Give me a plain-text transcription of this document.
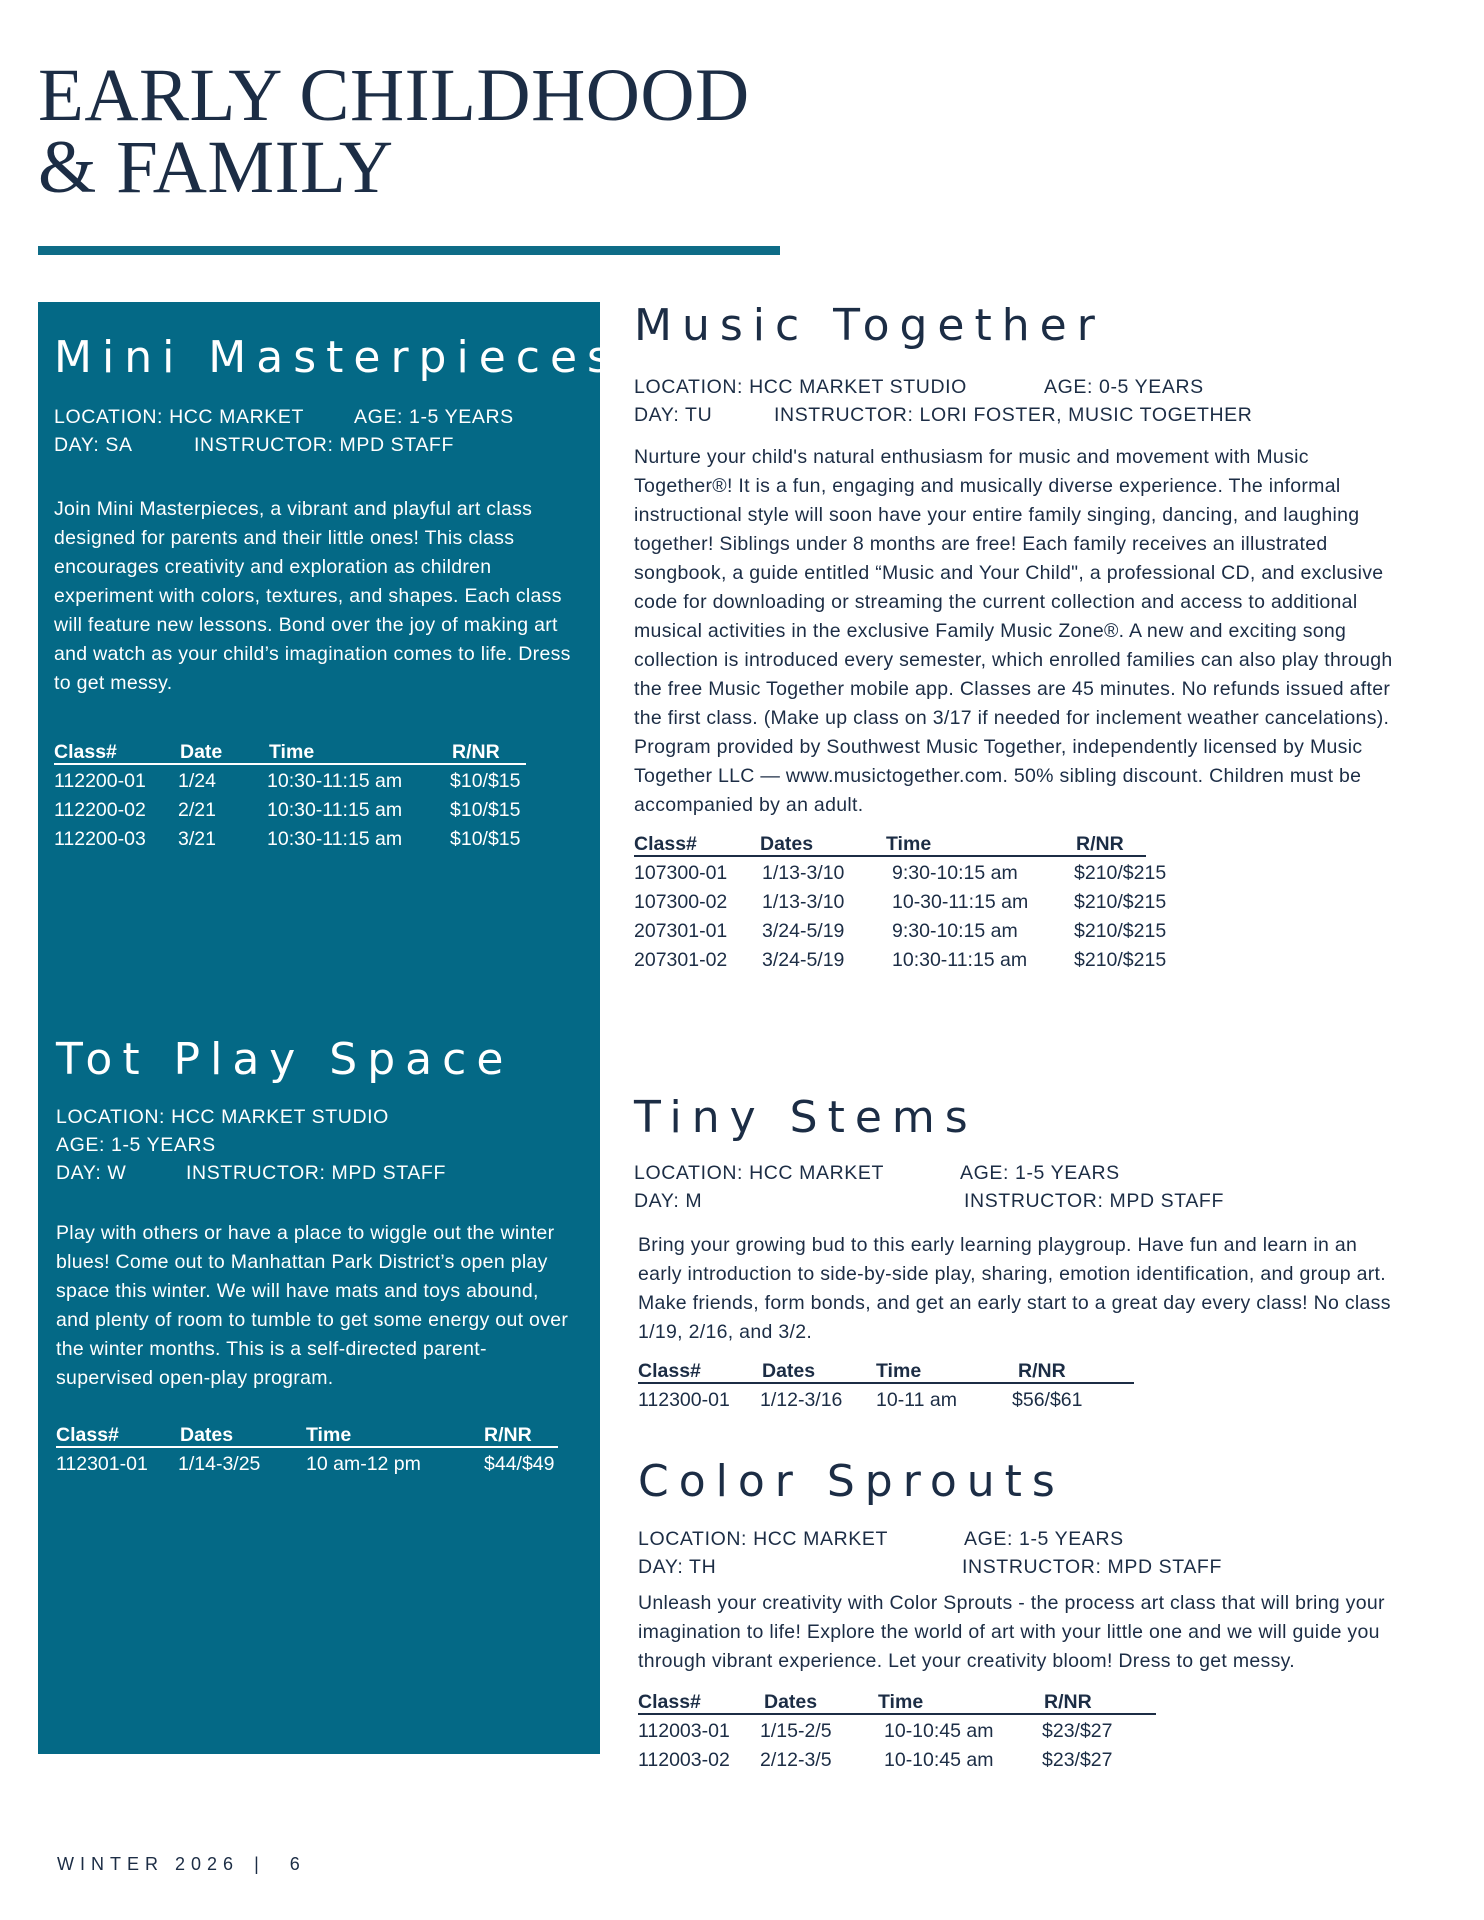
EARLY CHILDHOOD
& FAMILY
Mini Masterpieces
LOCATION: HCC MARKET	AGE: 1-5 YEARS
DAY: SA	INSTRUCTOR: MPD STAFF

Join Mini Masterpieces, a vibrant and playful art class designed for parents and their little ones! This class encourages creativity and exploration as children experiment with colors, textures, and shapes. Each class will feature new lessons. Bond over the joy of making art and watch as your child’s imagination comes to life. Dress to get messy.

Class#	Date Time	R/NR
112200-01 1/24	10:30-11:15 am $10/$15
112200-02 2/21	10:30-11:15 am $10/$15
112200-03 3/21	10:30-11:15 am $10/$15
Tot Play Space
LOCATION: HCC MARKET STUDIO
AGE: 1-5 YEARS
DAY: W	INSTRUCTOR: MPD STAFF

Play with others or have a place to wiggle out the winter blues! Come out to Manhattan Park District’s open play space this winter. We will have mats and toys abound, and plenty of room to tumble to get some energy out over the winter months. This is a self-directed parent-supervised open-play program.

Class#	Dates	Time	R/NR
112301-01 1/14-3/25 10 am-12 pm	$44/$49
Music Together
LOCATION: HCC MARKET STUDIO	AGE: 0-5 YEARS
DAY: TU	INSTRUCTOR: LORI FOSTER, MUSIC TOGETHER

Nurture your child's natural enthusiasm for music and movement with Music Together®! It is a fun, engaging and musically diverse experience. The informal instructional style will soon have your entire family singing, dancing, and laughing together! Siblings under 8 months are free! Each family receives an illustrated songbook, a guide entitled “Music and Your Child", a professional CD, and exclusive code for downloading or streaming the current collection and access to additional musical activities in the exclusive Family Music Zone®. A new and exciting song collection is introduced every semester, which enrolled families can also play through the free Music Together mobile app. Classes are 45 minutes. No refunds issued after the first class. (Make up class on 3/17 if needed for inclement weather cancelations). Program provided by Southwest Music Together, independently licensed by Music Together LLC — www.musictogether.com. 50% sibling discount. Children must be accompanied by an adult.

Class#	Dates	Time	R/NR
107300-01 1/13-3/10 9:30-10:15 am	$210/$215
107300-02 1/13-3/10 10-30-11:15 am $210/$215
207301-01 3/24-5/19 9:30-10:15 am	$210/$215
207301-02 3/24-5/19 10:30-11:15 am $210/$215
Tiny Stems
LOCATION: HCC MARKET	AGE: 1-5 YEARS
DAY: M	INSTRUCTOR: MPD STAFF

Bring your growing bud to this early learning playgroup. Have fun and learn in an early introduction to side-by-side play, sharing, emotion identification, and group art. Make friends, form bonds, and get an early start to a great day every class! No class 1/19, 2/16, and 3/2.

Class#	Dates	Time	R/NR
112300-01 1/12-3/16 10-11 am	$56/$61
Color Sprouts
LOCATION: HCC MARKET	AGE: 1-5 YEARS
DAY: TH	INSTRUCTOR: MPD STAFF

Unleash your creativity with Color Sprouts - the process art class that will bring your imagination to life! Explore the world of art with your little one and we will guide you through vibrant experience. Let your creativity bloom! Dress to get messy.

Class#	Dates	Time	R/NR
112003-01 1/15-2/5	10-10:45 am $23/$27
112003-02 2/12-3/5	10-10:45 am $23/$27
WINTER 2026 | 6
